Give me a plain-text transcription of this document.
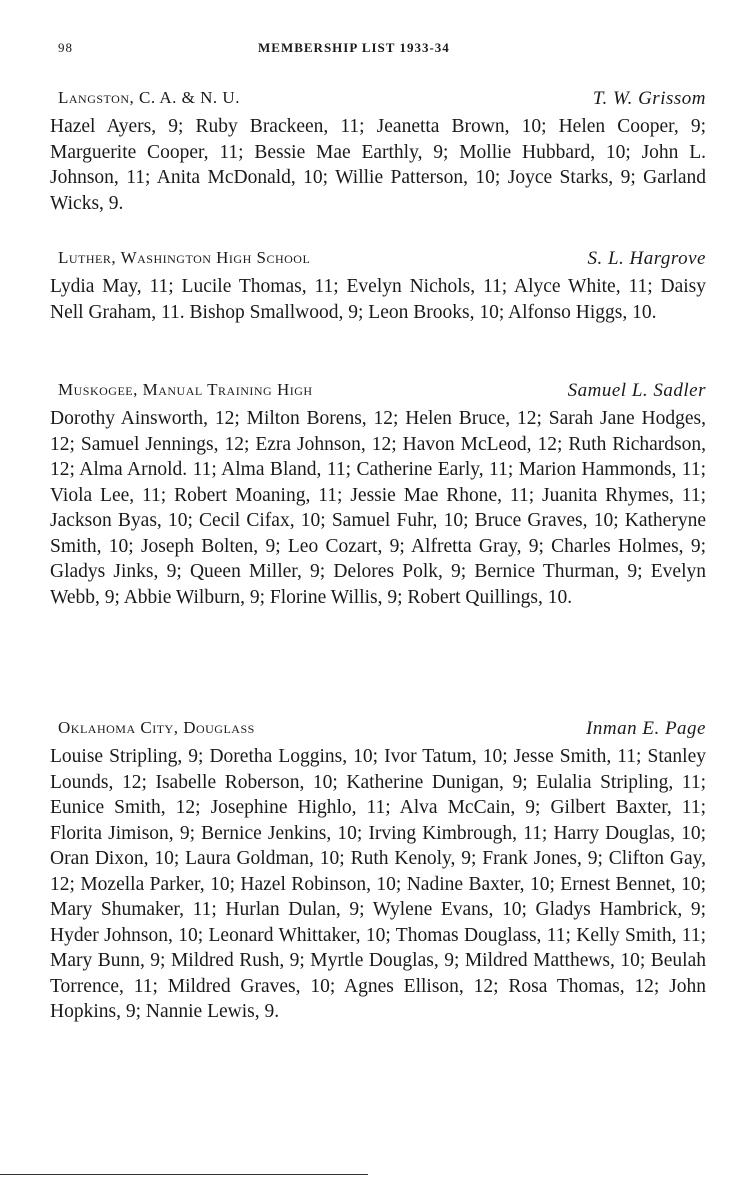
98	MEMBERSHIP LIST 1933-34
Langston, C. A. & N. U.	T. W. Grissom

Hazel Ayers, 9; Ruby Brackeen, 11; Jeanetta Brown, 10; Helen Cooper, 9; Marguerite Cooper, 11; Bessie Mae Earthly, 9; Mollie Hubbard, 10; John L. Johnson, 11; Anita McDonald, 10; Willie Patterson, 10; Joyce Starks, 9; Garland Wicks, 9.

Luther, Washington High School	S. L. Hargrove

Lydia May, 11; Lucile Thomas, 11; Evelyn Nichols, 11; Alyce White, 11; Daisy Nell Graham, 11. Bishop Smallwood, 9; Leon Brooks, 10; Alfonso Higgs, 10.

Muskogee, Manual Training High	Samuel L. Sadler

Dorothy Ainsworth, 12; Milton Borens, 12; Helen Bruce, 12; Sarah Jane Hodges, 12; Samuel Jennings, 12; Ezra Johnson, 12; Havon McLeod, 12; Ruth Richardson, 12; Alma Arnold. 11; Alma Bland, 11; Catherine Early, 11; Marion Hammonds, 11; Viola Lee, 11; Robert Moaning, 11; Jessie Mae Rhone, 11; Juanita Rhymes, 11; Jackson Byas, 10; Cecil Cifax, 10; Samuel Fuhr, 10; Bruce Graves, 10; Katheryne Smith, 10; Joseph Bolten, 9; Leo Cozart, 9; Alfretta Gray, 9; Charles Holmes, 9; Gladys Jinks, 9; Queen Miller, 9; Delores Polk, 9; Bernice Thurman, 9; Evelyn Webb, 9; Abbie Wilburn, 9; Florine Willis, 9; Robert Quillings, 10.

Oklahoma City, Douglass	Inman E. Page

Louise Stripling, 9; Doretha Loggins, 10; Ivor Tatum, 10; Jesse Smith, 11; Stanley Lounds, 12; Isabelle Roberson, 10; Katherine Dunigan, 9; Eulalia Stripling, 11; Eunice Smith, 12; Josephine Highlo, 11; Alva McCain, 9; Gilbert Baxter, 11; Florita Jimison, 9; Bernice Jenkins, 10; Irving Kimbrough, 11; Harry Douglas, 10; Oran Dixon, 10; Laura Goldman, 10; Ruth Kenoly, 9; Frank Jones, 9; Clifton Gay, 12; Mozella Parker, 10; Hazel Robinson, 10; Nadine Baxter, 10; Ernest Bennet, 10; Mary Shumaker, 11; Hurlan Dulan, 9; Wylene Evans, 10; Gladys Hambrick, 9; Hyder Johnson, 10; Leonard Whittaker, 10; Thomas Douglass, 11; Kelly Smith, 11; Mary Bunn, 9; Mildred Rush, 9; Myrtle Douglas, 9; Mildred Matthews, 10; Beulah Torrence, 11; Mildred Graves, 10; Agnes Ellison, 12; Rosa Thomas, 12; John Hopkins, 9; Nannie Lewis, 9.
